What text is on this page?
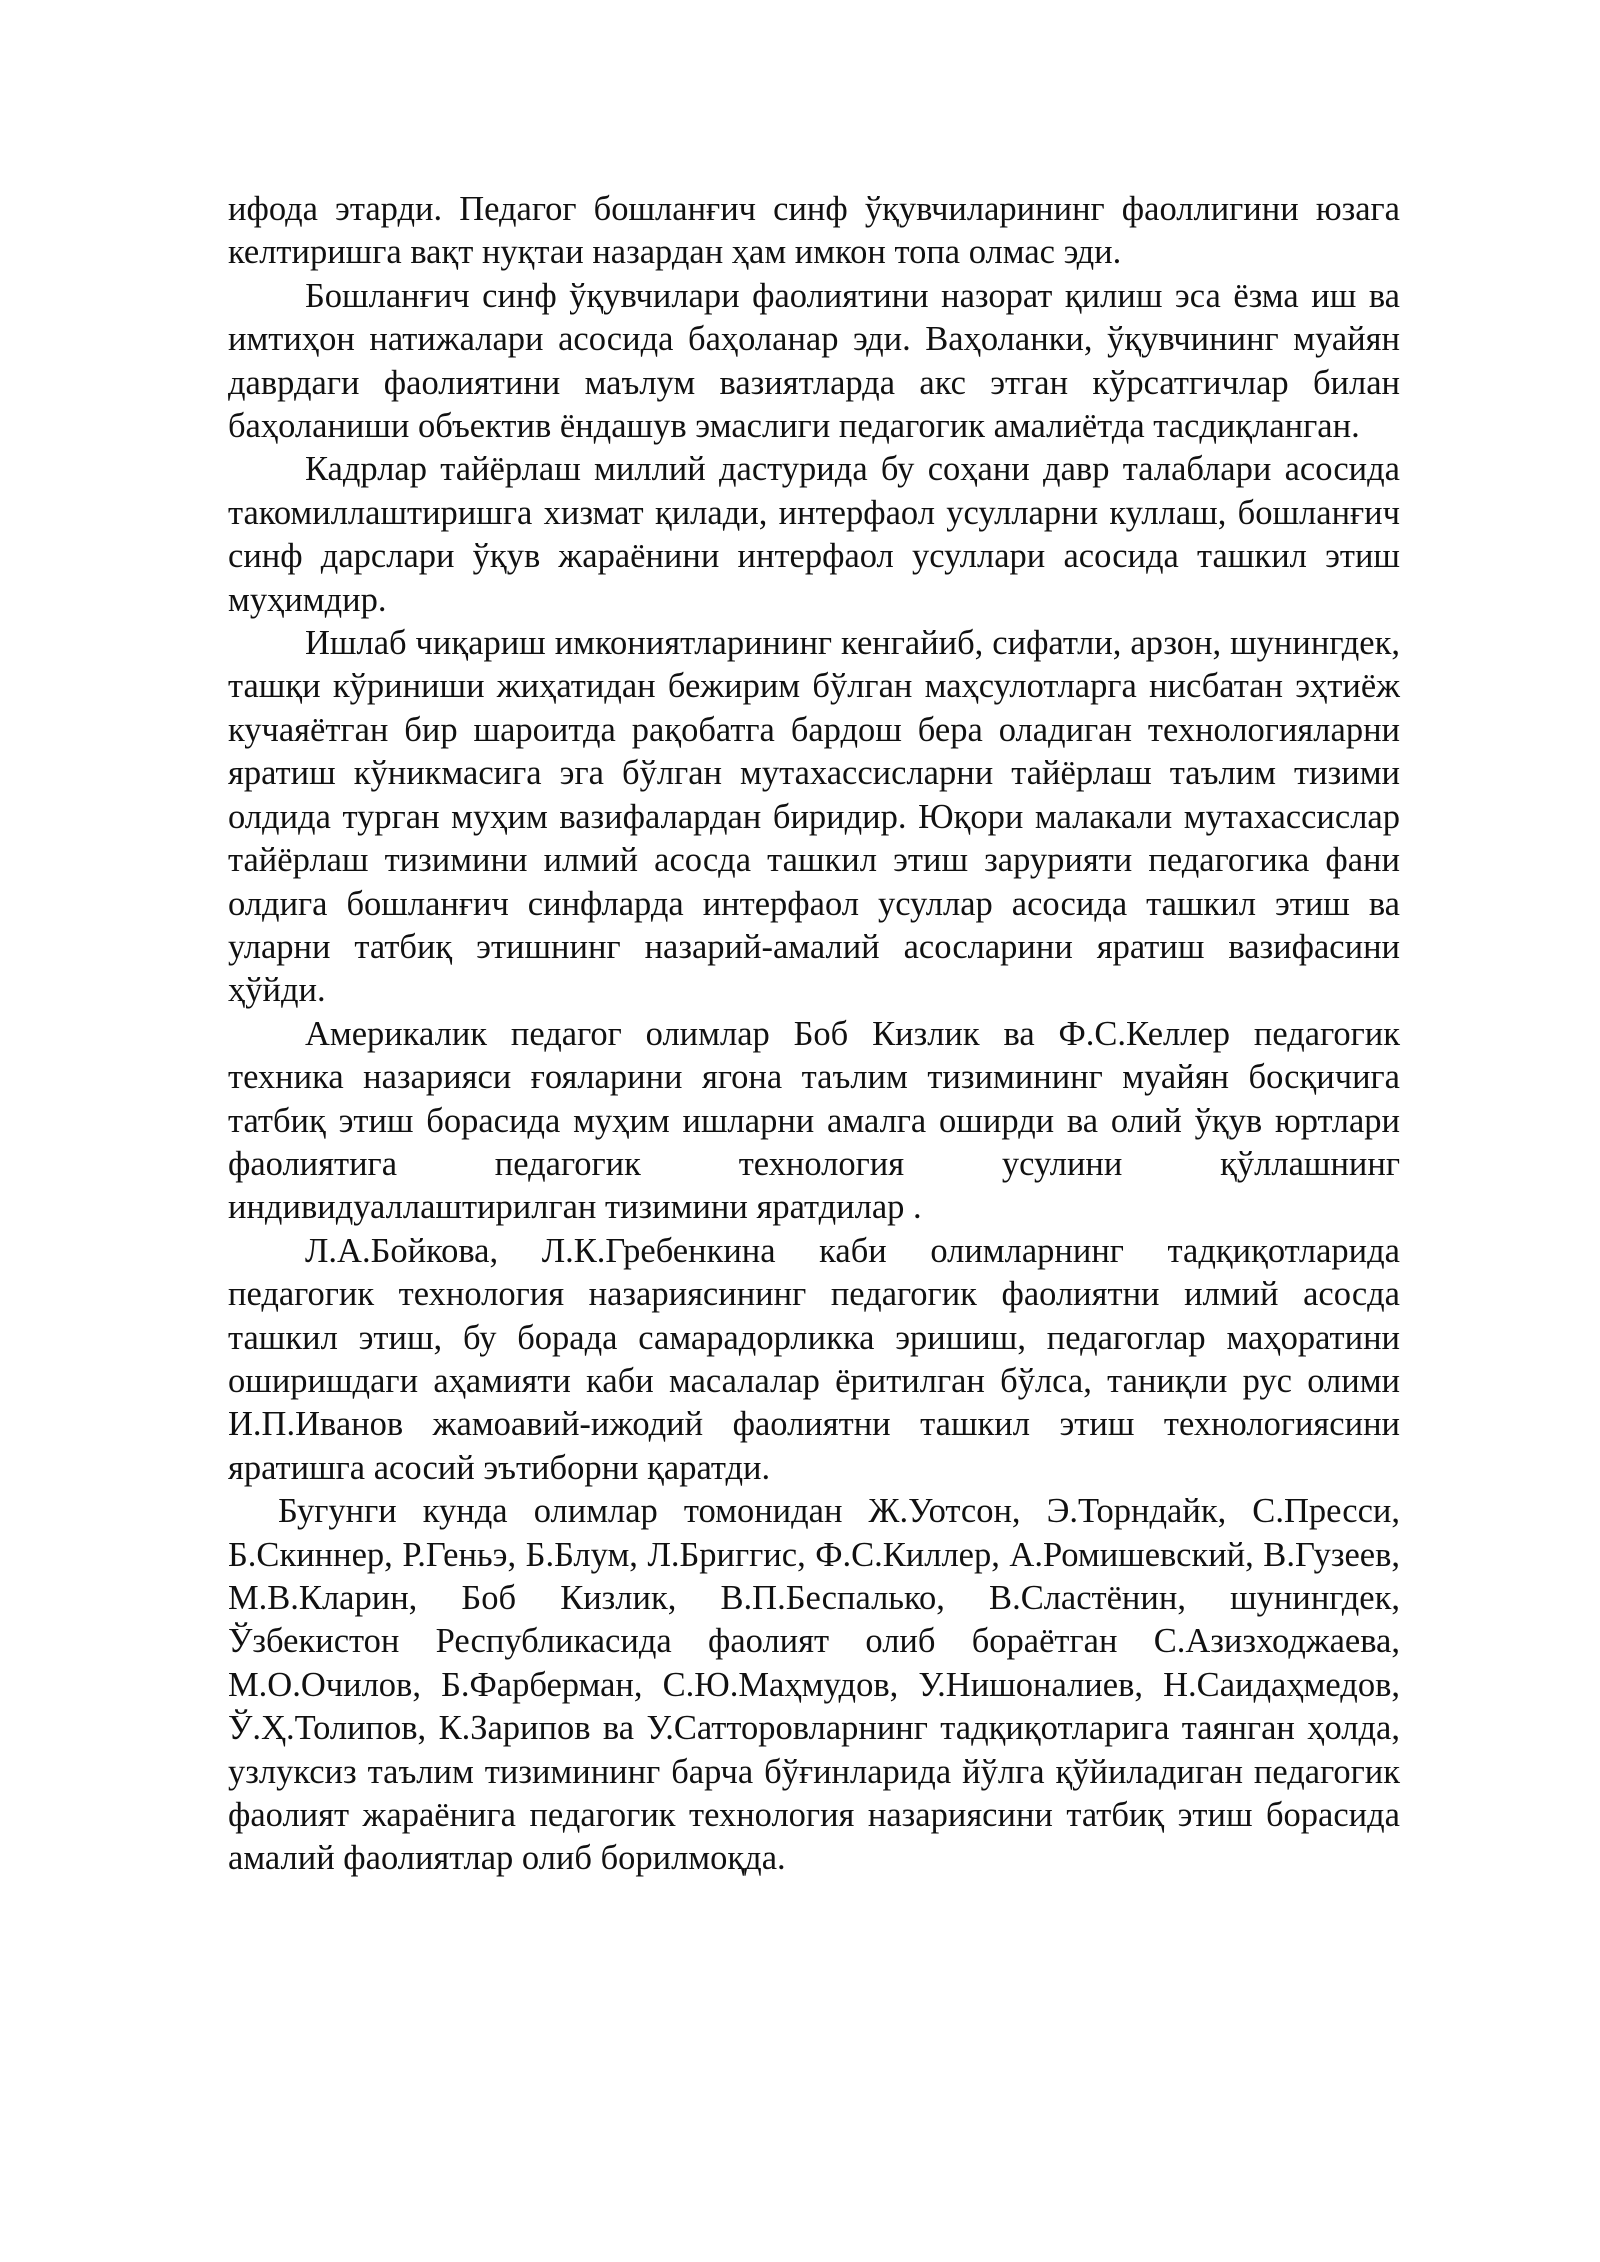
ифода этарди. Педагог бошланғич синф ўқувчиларининг фаоллигини юзага келтиришга вақт нуқтаи назардан ҳам имкон топа олмас эди.

Бошланғич синф ўқувчилари фаолиятини назорат қилиш эса ёзма иш ва имтиҳон натижалари асосида баҳоланар эди. Ваҳоланки, ўқувчининг муайян даврдаги фаолиятини маълум вазиятларда акс этган кўрсатгичлар билан баҳоланиши объектив ёндашув эмаслиги педагогик амалиётда тасдиқланган.

Кадрлар тайёрлаш миллий дастурида бу соҳани давр талаблари асосида такомиллаштиришга хизмат қилади, интерфаол усулларни куллаш, бошланғич синф дарслари ўқув жараёнини интерфаол усуллари асосида ташкил этиш муҳимдир.

Ишлаб чиқариш имкониятларининг кенгайиб, сифатли, арзон, шунингдек, ташқи кўриниши жиҳатидан бежирим бўлган маҳсулотларга нисбатан эҳтиёж кучаяётган бир шароитда рақобатга бардош бера оладиган технологияларни яратиш кўникмасига эга бўлган мутахассисларни тайёрлаш таълим тизими олдида турган муҳим вазифалардан биридир. Юқори малакали мутахассислар тайёрлаш тизимини илмий асосда ташкил этиш зарурияти педагогика фани олдига бошланғич синфларда интерфаол усуллар асосида ташкил этиш ва уларни татбиқ этишнинг назарий-амалий асосларини яратиш вазифасини ҳўйди.

Америкалик педагог олимлар Боб Кизлик ва Ф.С.Келлер педагогик техника назарияси ғояларини ягона таълим тизимининг муайян босқичига татбиқ этиш борасида муҳим ишларни амалга оширди ва олий ўқув юртлари фаолиятига педагогик технология усулини қўллашнинг индивидуаллаштирилган тизимини яратдилар .

Л.А.Бойкова, Л.К.Гребенкина каби олимларнинг тадқиқотларида педагогик технология назариясининг педагогик фаолиятни илмий асосда ташкил этиш, бу борада самарадорликка эришиш, педагоглар маҳоратини оширишдаги аҳамияти каби масалалар ёритилган бўлса, таниқли рус олими И.П.Иванов жамоавий-ижодий фаолиятни ташкил этиш технологиясини яратишга асосий эътиборни қаратди.

Бугунги кунда олимлар томонидан Ж.Уотсон, Э.Торндайк, С.Пресси, Б.Скиннер, Р.Геньэ, Б.Блум, Л.Бриггис, Ф.С.Киллер, А.Ромишевский, В.Гузеев, М.В.Кларин, Боб Кизлик, В.П.Беспалько, В.Сластёнин, шунингдек, Ўзбекистон Республикасида фаолият олиб бораётган С.Азизходжаева, М.О.Очилов, Б.Фарберман, С.Ю.Маҳмудов, У.Нишоналиев, Н.Саидаҳмедов, Ў.Ҳ.Толипов, К.Зарипов ва У.Сатторовларнинг тадқиқотларига таянган ҳолда, узлуксиз таълим тизимининг барча бўғинларида йўлга қўйиладиган педагогик фаолият жараёнига педагогик технология назариясини татбиқ этиш борасида амалий фаолиятлар олиб борилмоқда.
